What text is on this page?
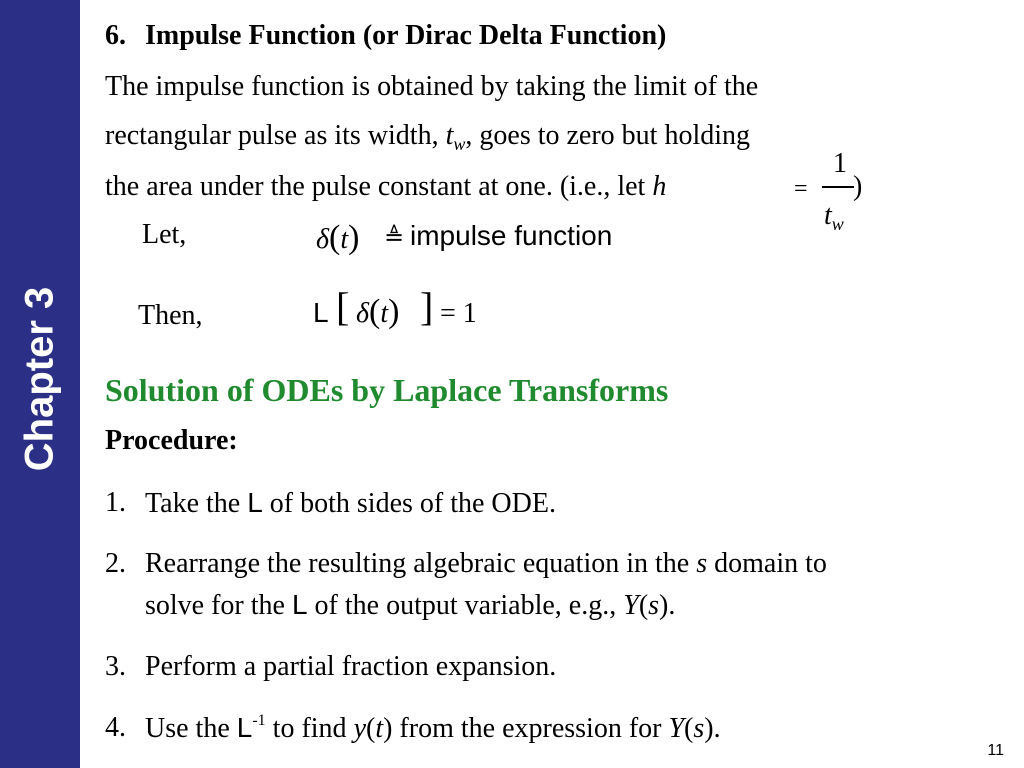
Chapter 3
6. Impulse Function (or Dirac Delta Function)
The impulse function is obtained by taking the limit of the
rectangular pulse as its width, $t_w$, goes to zero but holding
the area under the pulse constant at one. (i.e., let h	=
1
$t_w$
)
Let,	δ(t) ≜ impulse function
Then,	L [ δ(t) ] = 1
Solution of ODEs by Laplace Transforms
Procedure:
1. Take the L of both sides of the ODE.
2. Rearrange the resulting algebraic equation in the s domain to
solve for the L of the output variable, e.g., Y(s).
3. Perform a partial fraction expansion.
4. Use the $L^{-1}$ to find y(t) from the expression for Y(s).
11
